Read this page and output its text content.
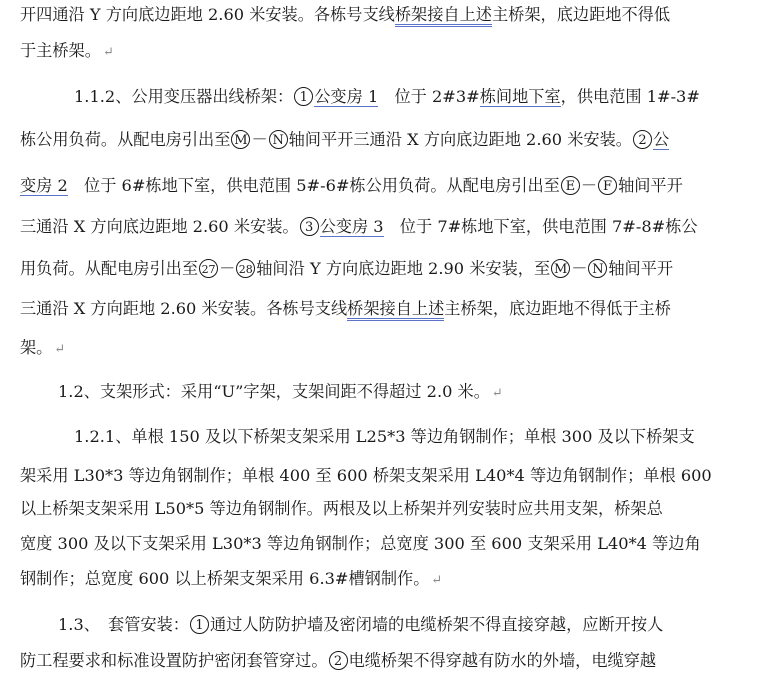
开四通沿 Y 方向底边距地 2.60 米安装。各栋号支线桥架接自上述主桥架，底边距地不得低
于主桥架。 ↵
1.1.2、公用变压器出线桥架： 1 公变房 1　位于 2#3#栋间地下室，供电范围 1#-3#
栋公用负荷。从配电房引出至 M － N 轴间平开三通沿 X 方向底边距地 2.60 米安装。 2 公
变房 2　位于 6#栋地下室，供电范围 5#-6#栋公用负荷。从配电房引出至 E － F 轴间平开
三通沿 X 方向底边距地 2.60 米安装。 3 公变房 3　位于 7#栋地下室，供电范围 7#-8#栋公
用负荷。从配电房引出至 27 － 28 轴间沿 Y 方向底边距地 2.90 米安装，至 M － N 轴间平开
三通沿 X 方向距地 2.60 米安装。各栋号支线桥架接自上述主桥架，底边距地不得低于主桥
架。 ↵
1.2、支架形式：采用“U”字架，支架间距不得超过 2.0 米。 ↵
1.2.1、单根 150 及以下桥架支架采用 L25*3 等边角钢制作；单根 300 及以下桥架支
架采用 L30*3 等边角钢制作；单根 400 至 600 桥架支架采用 L40*4 等边角钢制作；单根 600
以上桥架支架采用 L50*5 等边角钢制作。两根及以上桥架并列安装时应共用支架，桥架总
宽度 300 及以下支架采用 L30*3 等边角钢制作；总宽度 300 至 600 支架采用 L40*4 等边角
钢制作；总宽度 600 以上桥架支架采用 6.3#槽钢制作。 ↵
1.3、　套管安装： 1 通过人防防护墙及密闭墙的电缆桥架不得直接穿越，应断开按人
防工程要求和标准设置防护密闭套管穿过。 2 电缆桥架不得穿越有防水的外墙，电缆穿越
